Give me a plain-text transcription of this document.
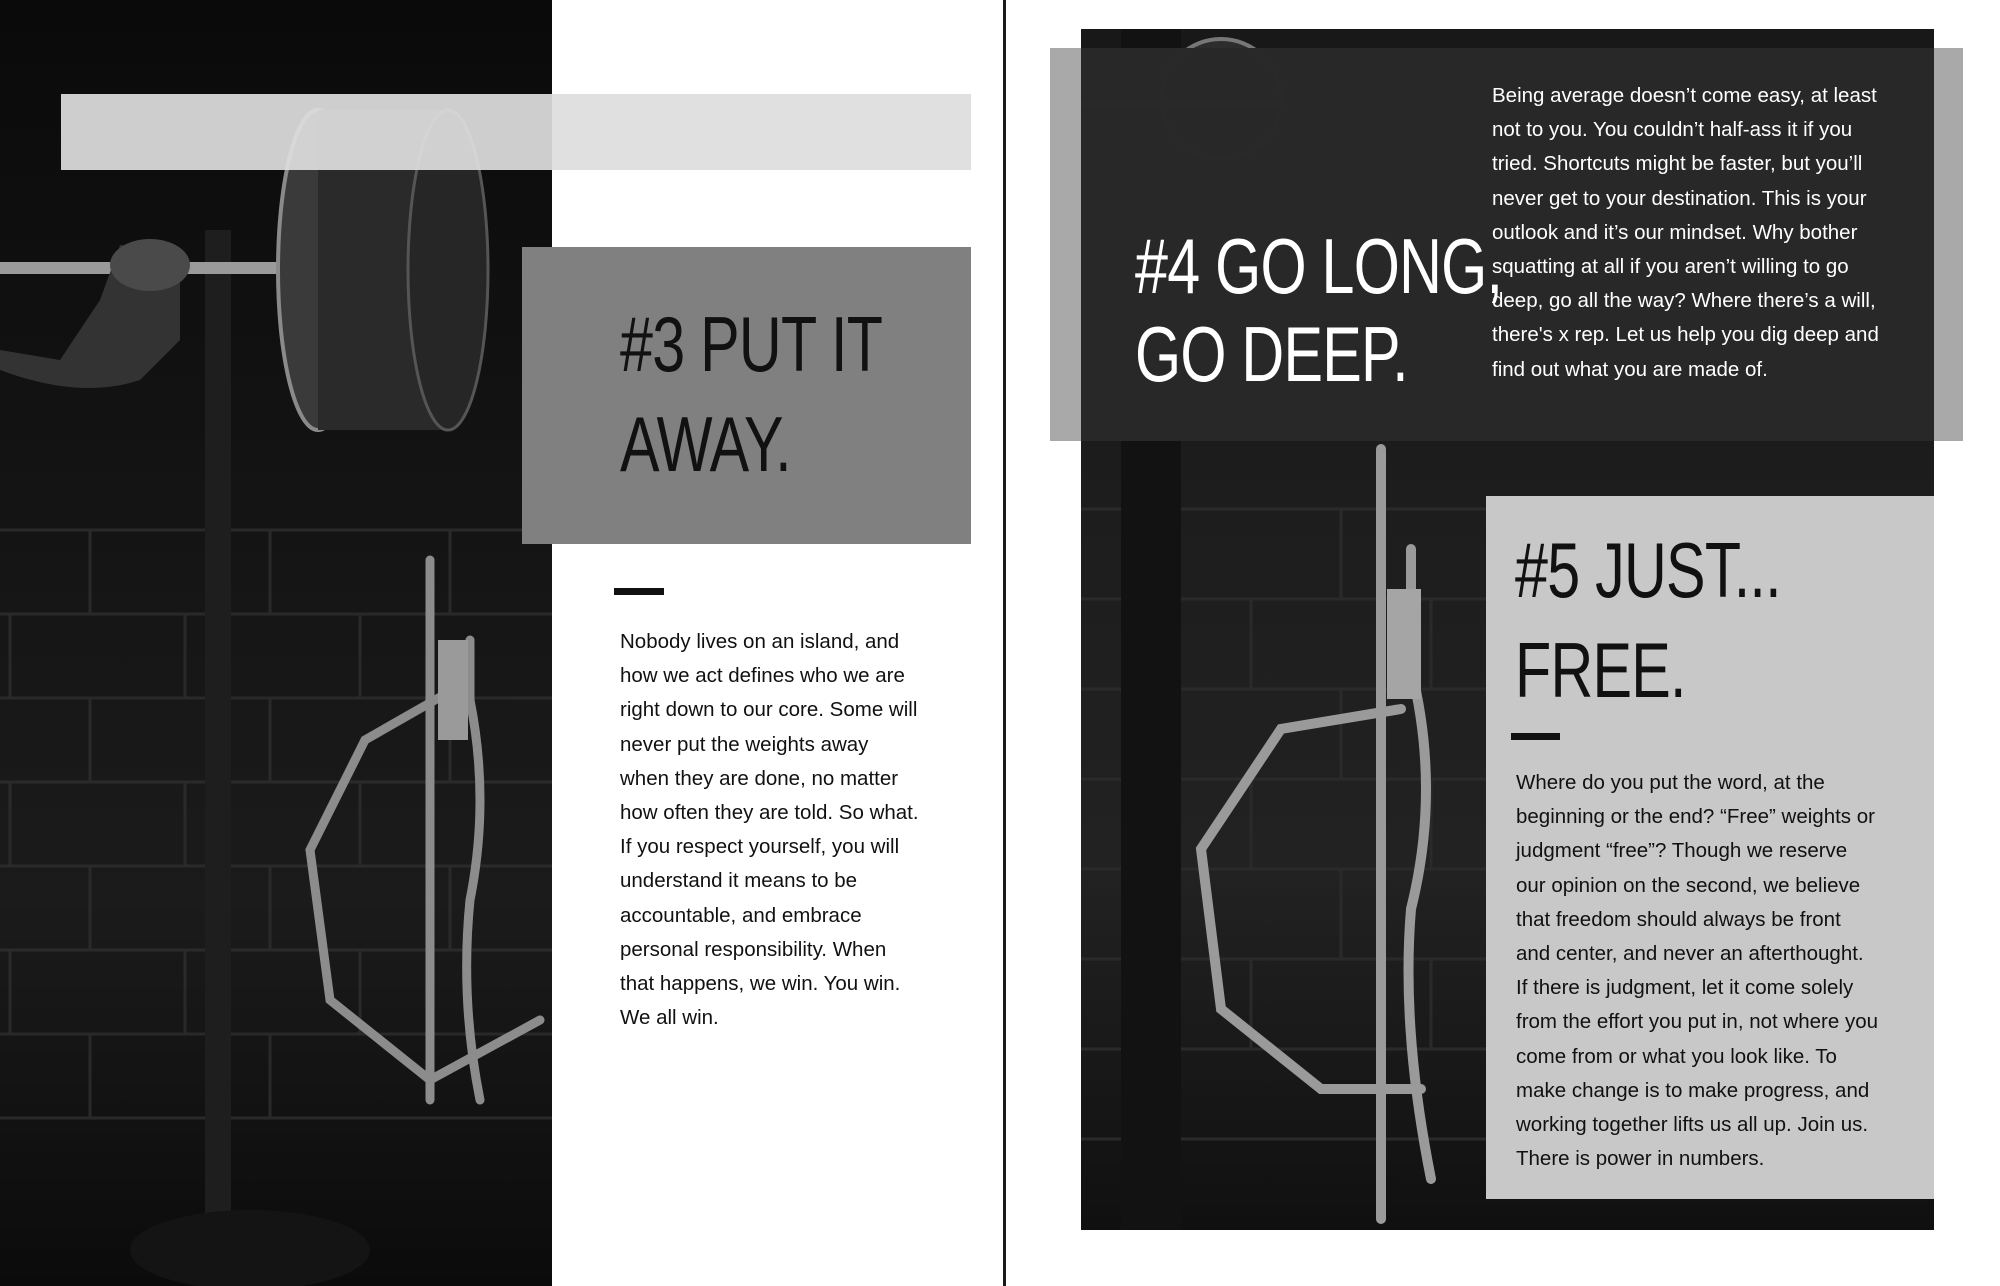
#3 PUT IT
AWAY.

Nobody lives on an island, and
how we act defines who we are
right down to our core. Some will
never put the weights away
when they are done, no matter
how often they are told. So what.
If you respect yourself, you will
understand it means to be
accountable, and embrace
personal responsibility. When
that happens, we win. You win.
We all win.

#4 GO LONG,
GO DEEP.

Being average doesn’t come easy, at least
not to you. You couldn’t half-ass it if you
tried. Shortcuts might be faster, but you’ll
never get to your destination. This is your
outlook and it’s our mindset. Why bother
squatting at all if you aren’t willing to go
deep, go all the way? Where there’s a will,
there's x rep. Let us help you dig deep and
find out what you are made of.

#5 JUST...
FREE.

Where do you put the word, at the
beginning or the end? “Free” weights or
judgment “free”? Though we reserve
our opinion on the second, we believe
that freedom should always be front
and center, and never an afterthought.
If there is judgment, let it come solely
from the effort you put in, not where you
come from or what you look like. To
make change is to make progress, and
working together lifts us all up. Join us.
There is power in numbers.
